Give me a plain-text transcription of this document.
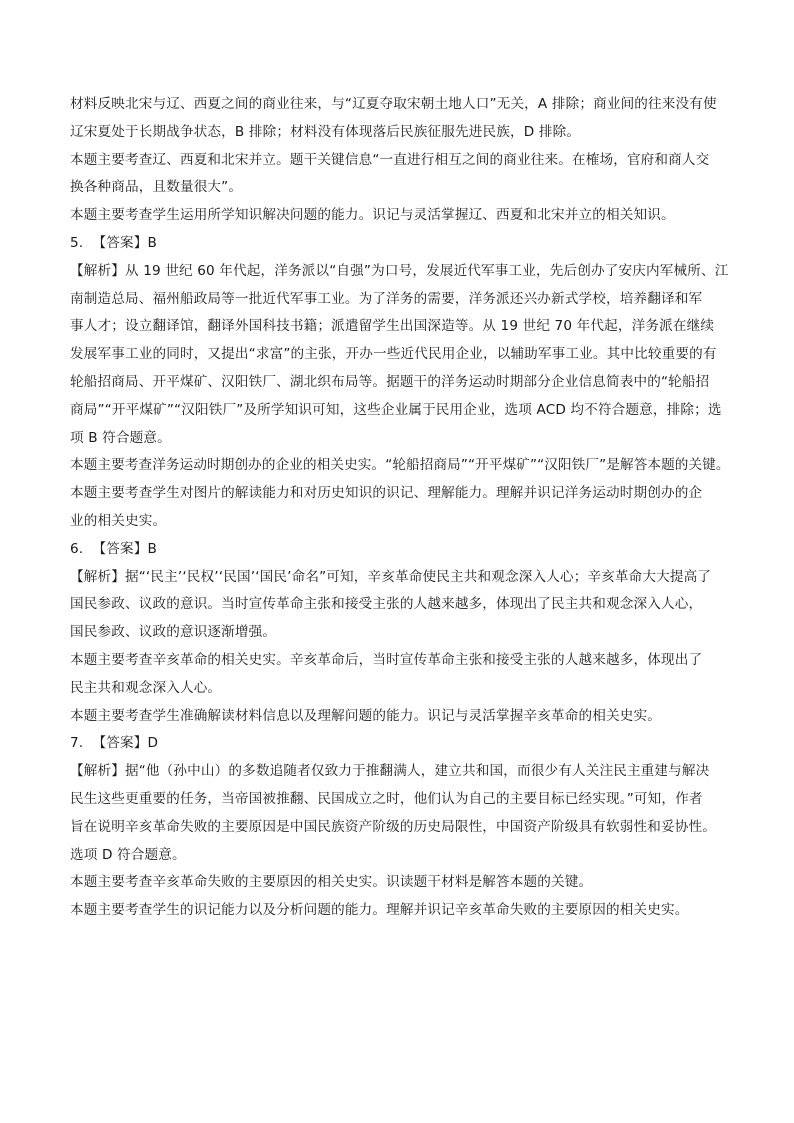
材料反映北宋与辽、西夏之间的商业往来，与“辽夏夺取宋朝土地人口”无关，A 排除；商业间的往来没有使
辽宋夏处于长期战争状态，B 排除；材料没有体现落后民族征服先进民族，D 排除。

本题主要考查辽、西夏和北宋并立。题干关键信息“一直进行相互之间的商业往来。在榷场，官府和商人交
换各种商品，且数量很大”。

本题主要考查学生运用所学知识解决问题的能力。识记与灵活掌握辽、西夏和北宋并立的相关知识。

5. 【答案】B

【解析】从 19 世纪 60 年代起，洋务派以“自强”为口号，发展近代军事工业，先后创办了安庆内军械所、江
南制造总局、福州船政局等一批近代军事工业。为了洋务的需要，洋务派还兴办新式学校，培养翻译和军
事人才；设立翻译馆，翻译外国科技书籍；派遣留学生出国深造等。从 19 世纪 70 年代起，洋务派在继续
发展军事工业的同时，又提出“求富”的主张，开办一些近代民用企业，以辅助军事工业。其中比较重要的有
轮船招商局、开平煤矿、汉阳铁厂、湖北织布局等。据题干的洋务运动时期部分企业信息简表中的“轮船招
商局”“开平煤矿”“汉阳铁厂”及所学知识可知，这些企业属于民用企业，选项 ACD 均不符合题意，排除；选
项 B 符合题意。

本题主要考查洋务运动时期创办的企业的相关史实。“轮船招商局”“开平煤矿”“汉阳铁厂”是解答本题的关键。

本题主要考查学生对图片的解读能力和对历史知识的识记、理解能力。理解并识记洋务运动时期创办的企
业的相关史实。

6. 【答案】B

【解析】据“‘民主’‘民权’‘民国’‘国民’命名”可知，辛亥革命使民主共和观念深入人心；辛亥革命大大提高了
国民参政、议政的意识。当时宣传革命主张和接受主张的人越来越多，体现出了民主共和观念深入人心，
国民参政、议政的意识逐渐增强。

本题主要考查辛亥革命的相关史实。辛亥革命后，当时宣传革命主张和接受主张的人越来越多，体现出了
民主共和观念深入人心。

本题主要考查学生准确解读材料信息以及理解问题的能力。识记与灵活掌握辛亥革命的相关史实。

7. 【答案】D

【解析】据“他（孙中山）的多数追随者仅致力于推翻满人，建立共和国，而很少有人关注民主重建与解决
民生这些更重要的任务，当帝国被推翻、民国成立之时，他们认为自己的主要目标已经实现。”可知，作者
旨在说明辛亥革命失败的主要原因是中国民族资产阶级的历史局限性，中国资产阶级具有软弱性和妥协性。
选项 D 符合题意。

本题主要考查辛亥革命失败的主要原因的相关史实。识读题干材料是解答本题的关键。

本题主要考查学生的识记能力以及分析问题的能力。理解并识记辛亥革命失败的主要原因的相关史实。
